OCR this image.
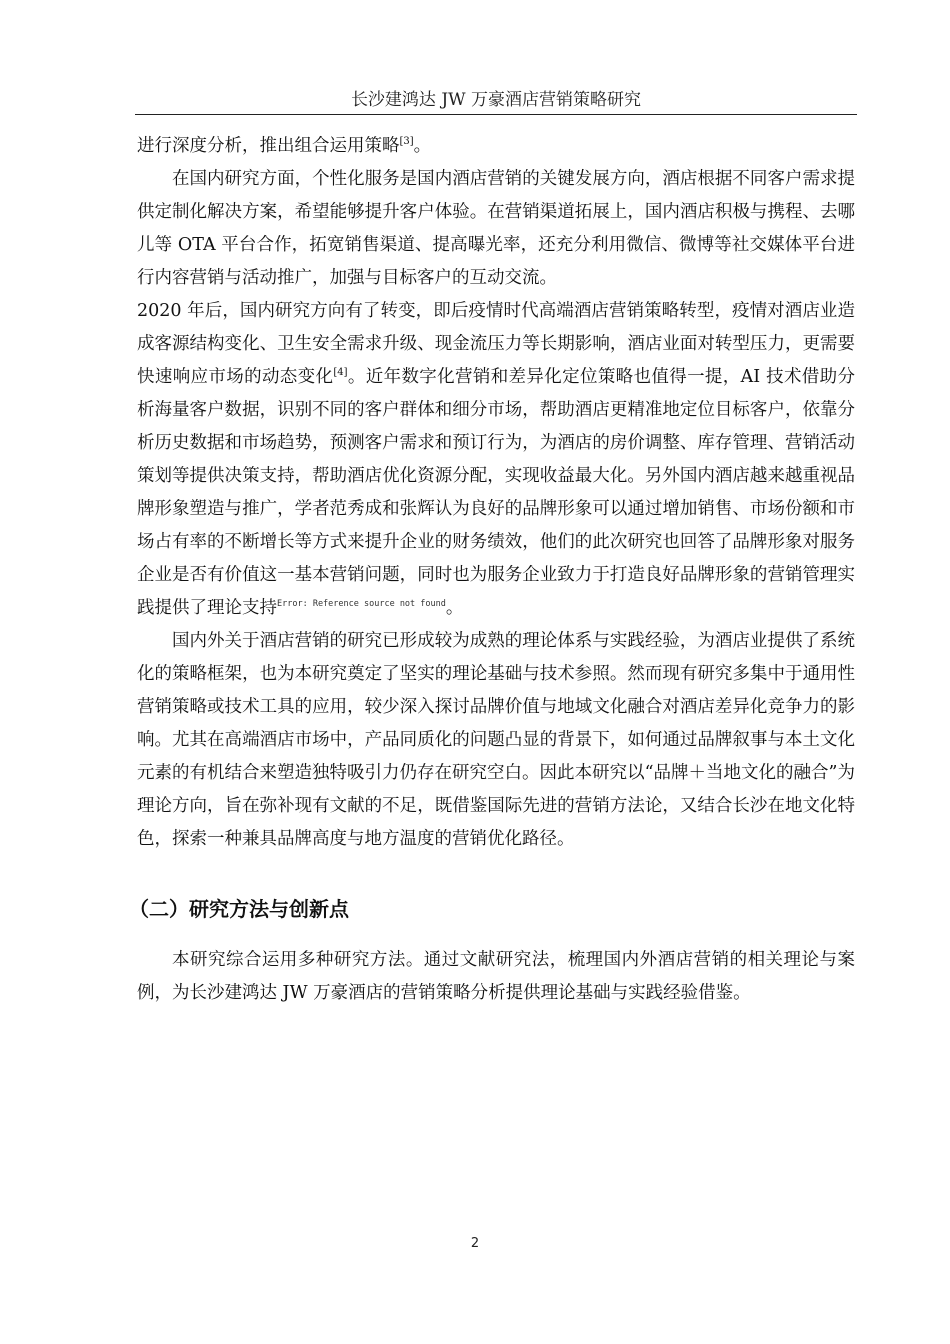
长沙建鸿达 JW 万豪酒店营销策略研究

进行深度分析，推出组合运用策略[3]。

在国内研究方面，个性化服务是国内酒店营销的关键发展方向，酒店根据不同客户需求提供定制化解决方案，希望能够提升客户体验。在营销渠道拓展上，国内酒店积极与携程、去哪儿等 OTA 平台合作，拓宽销售渠道、提高曝光率，还充分利用微信、微博等社交媒体平台进行内容营销与活动推广，加强与目标客户的互动交流。

2020 年后，国内研究方向有了转变，即后疫情时代高端酒店营销策略转型，疫情对酒店业造成客源结构变化、卫生安全需求升级、现金流压力等长期影响，酒店业面对转型压力，更需要快速响应市场的动态变化[4]。近年数字化营销和差异化定位策略也值得一提，AI 技术借助分析海量客户数据，识别不同的客户群体和细分市场，帮助酒店更精准地定位目标客户，依靠分析历史数据和市场趋势，预测客户需求和预订行为，为酒店的房价调整、库存管理、营销活动策划等提供决策支持，帮助酒店优化资源分配，实现收益最大化。另外国内酒店越来越重视品牌形象塑造与推广，学者范秀成和张辉认为良好的品牌形象可以通过增加销售、市场份额和市场占有率的不断增长等方式来提升企业的财务绩效，他们的此次研究也回答了品牌形象对服务企业是否有价值这一基本营销问题，同时也为服务企业致力于打造良好品牌形象的营销管理实践提供了理论支持$^{Error: Reference source not found}$。

国内外关于酒店营销的研究已形成较为成熟的理论体系与实践经验，为酒店业提供了系统化的策略框架，也为本研究奠定了坚实的理论基础与技术参照。然而现有研究多集中于通用性营销策略或技术工具的应用，较少深入探讨品牌价值与地域文化融合对酒店差异化竞争力的影响。尤其在高端酒店市场中，产品同质化的问题凸显的背景下，如何通过品牌叙事与本土文化元素的有机结合来塑造独特吸引力仍存在研究空白。因此本研究以“品牌＋当地文化的融合”为理论方向，旨在弥补现有文献的不足，既借鉴国际先进的营销方法论，又结合长沙在地文化特色，探索一种兼具品牌高度与地方温度的营销优化路径。

（二）研究方法与创新点

本研究综合运用多种研究方法。通过文献研究法，梳理国内外酒店营销的相关理论与案例，为长沙建鸿达 JW 万豪酒店的营销策略分析提供理论基础与实践经验借鉴。

2
